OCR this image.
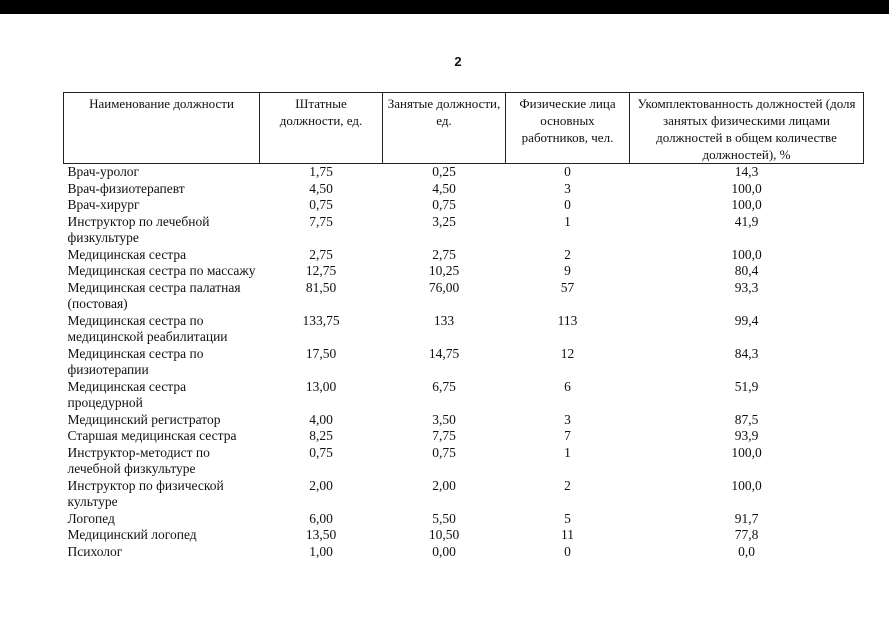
2
Наименование должности	Штатные должности, ед.	Занятые должности, ед.	Физические лица основных работников, чел.	Укомплектованность должностей (доля занятых физическими лицами должностей в общем количестве должностей), %
Врач-уролог	1,75	0,25	0	14,3
Врач-физиотерапевт	4,50	4,50	3	100,0
Врач-хирург	0,75	0,75	0	100,0
Инструктор по лечебной физкультуре	7,75	3,25	1	41,9
Медицинская сестра	2,75	2,75	2	100,0
Медицинская сестра по массажу	12,75	10,25	9	80,4
Медицинская сестра палатная (постовая)	81,50	76,00	57	93,3
Медицинская сестра по медицинской реабилитации	133,75	133	113	99,4
Медицинская сестра по физиотерапии	17,50	14,75	12	84,3
Медицинская сестра процедурной	13,00	6,75	6	51,9
Медицинский регистратор	4,00	3,50	3	87,5
Старшая медицинская сестра	8,25	7,75	7	93,9
Инструктор-методист по лечебной физкультуре	0,75	0,75	1	100,0
Инструктор по физической культуре	2,00	2,00	2	100,0
Логопед	6,00	5,50	5	91,7
Медицинский логопед	13,50	10,50	11	77,8
Психолог	1,00	0,00	0	0,0
